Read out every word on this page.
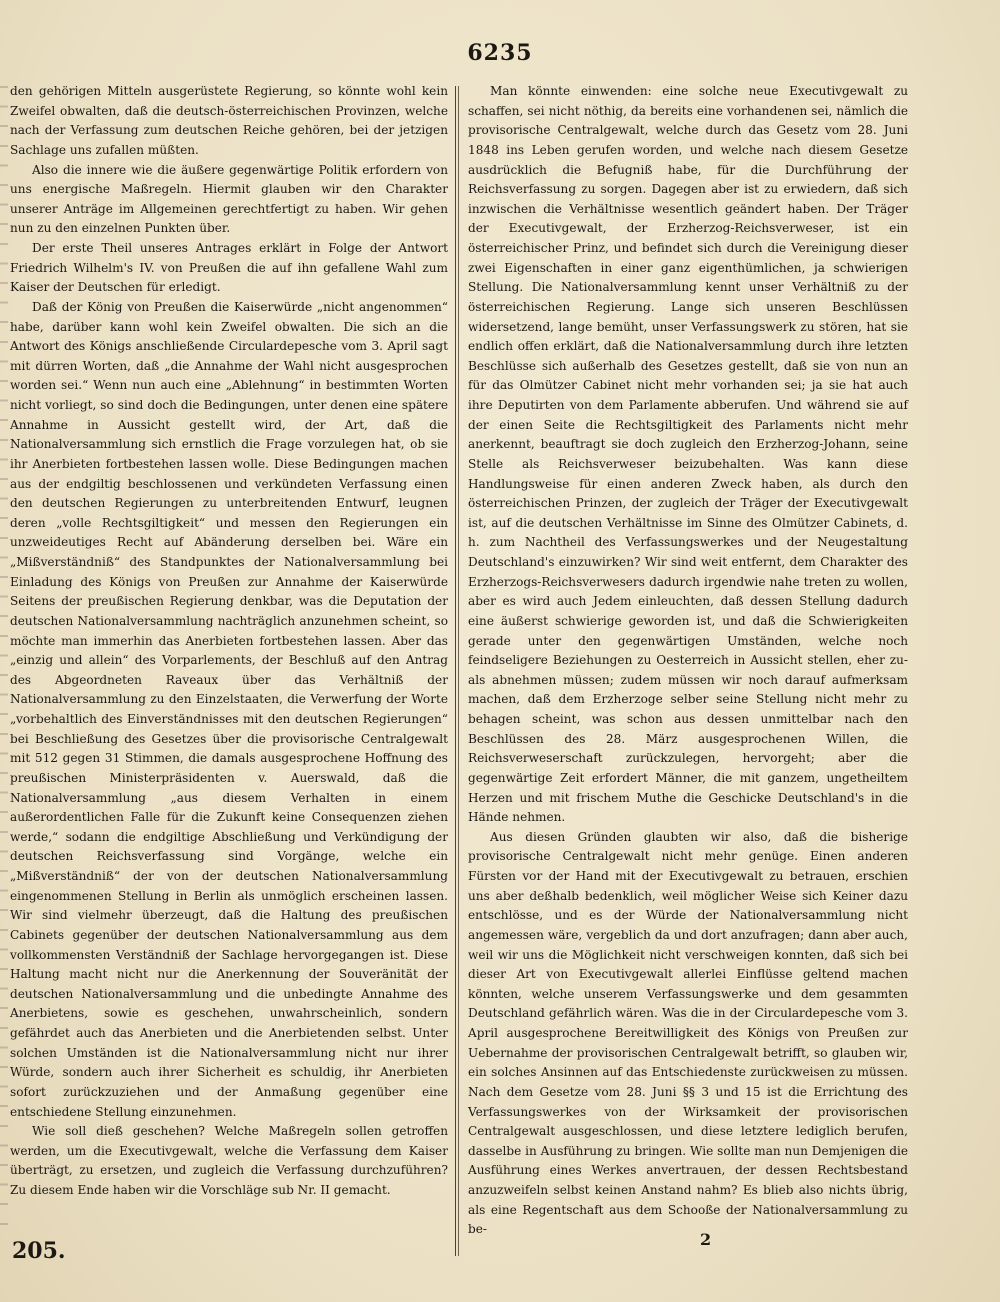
6235

den gehörigen Mitteln ausgerüstete Regierung, so könnte wohl kein Zweifel obwalten, daß die deutsch-österreichischen Provinzen, welche nach der Verfassung zum deutschen Reiche gehören, bei der jetzigen Sachlage uns zufallen müßten.

Also die innere wie die äußere gegenwärtige Politik erfordern von uns energische Maßregeln. Hiermit glauben wir den Charakter unserer Anträge im Allgemeinen gerechtfertigt zu haben. Wir gehen nun zu den einzelnen Punkten über.

Der erste Theil unseres Antrages erklärt in Folge der Antwort Friedrich Wilhelm's IV. von Preußen die auf ihn gefallene Wahl zum Kaiser der Deutschen für erledigt.

Daß der König von Preußen die Kaiserwürde „nicht angenommen“ habe, darüber kann wohl kein Zweifel obwalten. Die sich an die Antwort des Königs anschließende Circulardepesche vom 3. April sagt mit dürren Worten, daß „die Annahme der Wahl nicht ausgesprochen worden sei.“ Wenn nun auch eine „Ablehnung“ in bestimmten Worten nicht vorliegt, so sind doch die Bedingungen, unter denen eine spätere Annahme in Aussicht gestellt wird, der Art, daß die Nationalversammlung sich ernstlich die Frage vorzulegen hat, ob sie ihr Anerbieten fortbestehen lassen wolle. Diese Bedingungen machen aus der endgiltig beschlossenen und verkündeten Verfassung einen den deutschen Regierungen zu unterbreitenden Entwurf, leugnen deren „volle Rechtsgiltigkeit“ und messen den Regierungen ein unzweideutiges Recht auf Abänderung derselben bei. Wäre ein „Mißverständniß“ des Standpunktes der Nationalversammlung bei Einladung des Königs von Preußen zur Annahme der Kaiserwürde Seitens der preußischen Regierung denkbar, was die Deputation der deutschen Nationalversammlung nachträglich anzunehmen scheint, so möchte man immerhin das Anerbieten fortbestehen lassen. Aber das „einzig und allein“ des Vorparlements, der Beschluß auf den Antrag des Abgeordneten Raveaux über das Verhältniß der Nationalversammlung zu den Einzelstaaten, die Verwerfung der Worte „vorbehaltlich des Einverständnisses mit den deutschen Regierungen“ bei Beschließung des Gesetzes über die provisorische Centralgewalt mit 512 gegen 31 Stimmen, die damals ausgesprochene Hoffnung des preußischen Ministerpräsidenten v. Auerswald, daß die Nationalversammlung „aus diesem Verhalten in einem außerordentlichen Falle für die Zukunft keine Consequenzen ziehen werde,“ sodann die endgiltige Abschließung und Verkündigung der deutschen Reichsverfassung sind Vorgänge, welche ein „Mißverständniß“ der von der deutschen Nationalversammlung eingenommenen Stellung in Berlin als unmöglich erscheinen lassen. Wir sind vielmehr überzeugt, daß die Haltung des preußischen Cabinets gegenüber der deutschen Nationalversammlung aus dem vollkommensten Verständniß der Sachlage hervorgegangen ist. Diese Haltung macht nicht nur die Anerkennung der Souveränität der deutschen Nationalversammlung und die unbedingte Annahme des Anerbietens, sowie es geschehen, unwahrscheinlich, sondern gefährdet auch das Anerbieten und die Anerbietenden selbst. Unter solchen Umständen ist die Nationalversammlung nicht nur ihrer Würde, sondern auch ihrer Sicherheit es schuldig, ihr Anerbieten sofort zurückzuziehen und der Anmaßung gegenüber eine entschiedene Stellung einzunehmen.

Wie soll dieß geschehen? Welche Maßregeln sollen getroffen werden, um die Executivgewalt, welche die Verfassung dem Kaiser überträgt, zu ersetzen, und zugleich die Verfassung durchzuführen? Zu diesem Ende haben wir die Vorschläge sub Nr. II gemacht.

Man könnte einwenden: eine solche neue Executivgewalt zu schaffen, sei nicht nöthig, da bereits eine vorhandenen sei, nämlich die provisorische Centralgewalt, welche durch das Gesetz vom 28. Juni 1848 ins Leben gerufen worden, und welche nach diesem Gesetze ausdrücklich die Befugniß habe, für die Durchführung der Reichsverfassung zu sorgen. Dagegen aber ist zu erwiedern, daß sich inzwischen die Verhältnisse wesentlich geändert haben. Der Träger der Executivgewalt, der Erzherzog-Reichsverweser, ist ein österreichischer Prinz, und befindet sich durch die Vereinigung dieser zwei Eigenschaften in einer ganz eigenthümlichen, ja schwierigen Stellung. Die Nationalversammlung kennt unser Verhältniß zu der österreichischen Regierung. Lange sich unseren Beschlüssen widersetzend, lange bemüht, unser Verfassungswerk zu stören, hat sie endlich offen erklärt, daß die Nationalversammlung durch ihre letzten Beschlüsse sich außerhalb des Gesetzes gestellt, daß sie von nun an für das Olmützer Cabinet nicht mehr vorhanden sei; ja sie hat auch ihre Deputirten von dem Parlamente abberufen. Und während sie auf der einen Seite die Rechtsgiltigkeit des Parlaments nicht mehr anerkennt, beauftragt sie doch zugleich den Erzherzog-Johann, seine Stelle als Reichsverweser beizubehalten. Was kann diese Handlungsweise für einen anderen Zweck haben, als durch den österreichischen Prinzen, der zugleich der Träger der Executivgewalt ist, auf die deutschen Verhältnisse im Sinne des Olmützer Cabinets, d. h. zum Nachtheil des Verfassungswerkes und der Neugestaltung Deutschland's einzuwirken? Wir sind weit entfernt, dem Charakter des Erzherzogs-Reichsverwesers dadurch irgendwie nahe treten zu wollen, aber es wird auch Jedem einleuchten, daß dessen Stellung dadurch eine äußerst schwierige geworden ist, und daß die Schwierigkeiten gerade unter den gegenwärtigen Umständen, welche noch feindseligere Beziehungen zu Oesterreich in Aussicht stellen, eher zu- als abnehmen müssen; zudem müssen wir noch darauf aufmerksam machen, daß dem Erzherzoge selber seine Stellung nicht mehr zu behagen scheint, was schon aus dessen unmittelbar nach den Beschlüssen des 28. März ausgesprochenen Willen, die Reichsverweserschaft zurückzulegen, hervorgeht; aber die gegenwärtige Zeit erfordert Männer, die mit ganzem, ungetheiltem Herzen und mit frischem Muthe die Geschicke Deutschland's in die Hände nehmen.

Aus diesen Gründen glaubten wir also, daß die bisherige provisorische Centralgewalt nicht mehr genüge. Einen anderen Fürsten vor der Hand mit der Executivgewalt zu betrauen, erschien uns aber deßhalb bedenklich, weil möglicher Weise sich Keiner dazu entschlösse, und es der Würde der Nationalversammlung nicht angemessen wäre, vergeblich da und dort anzufragen; dann aber auch, weil wir uns die Möglichkeit nicht verschweigen konnten, daß sich bei dieser Art von Executivgewalt allerlei Einflüsse geltend machen könnten, welche unserem Verfassungswerke und dem gesammten Deutschland gefährlich wären. Was die in der Circulardepesche vom 3. April ausgesprochene Bereitwilligkeit des Königs von Preußen zur Uebernahme der provisorischen Centralgewalt betrifft, so glauben wir, ein solches Ansinnen auf das Entschiedenste zurückweisen zu müssen. Nach dem Gesetze vom 28. Juni §§ 3 und 15 ist die Errichtung des Verfassungswerkes von der Wirksamkeit der provisorischen Centralgewalt ausgeschlossen, und diese letztere lediglich berufen, dasselbe in Ausführung zu bringen. Wie sollte man nun Demjenigen die Ausführung eines Werkes anvertrauen, der dessen Rechtsbestand anzuzweifeln selbst keinen Anstand nahm? Es blieb also nichts übrig, als eine Regentschaft aus dem Schooße der Nationalversammlung zu be-

205.	2
